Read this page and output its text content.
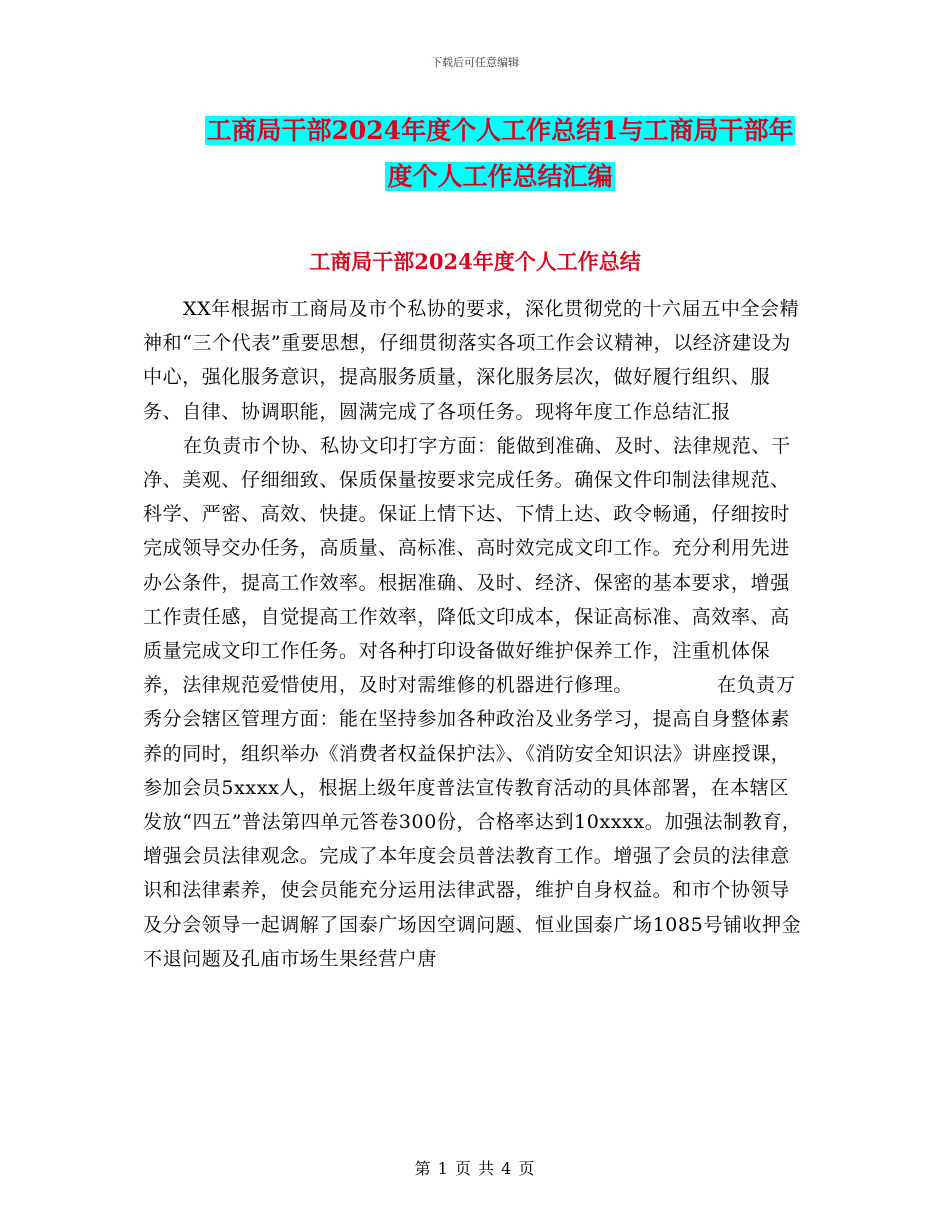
下载后可任意编辑
工商局干部2024年度个人工作总结1与工商局干部年
度个人工作总结汇编
工商局干部2024年度个人工作总结

XX年根据市工商局及市个私协的要求，深化贯彻党的十六届五中全会精神和“三个代表”重要思想，仔细贯彻落实各项工作会议精神，以经济建设为中心，强化服务意识，提高服务质量，深化服务层次，做好履行组织、服务、自律、协调职能，圆满完成了各项任务。现将年度工作总结汇报

在负责市个协、私协文印打字方面：能做到准确、及时、法律规范、干净、美观、仔细细致、保质保量按要求完成任务。确保文件印制法律规范、科学、严密、高效、快捷。保证上情下达、下情上达、政令畅通，仔细按时完成领导交办任务，高质量、高标准、高时效完成文印工作。充分利用先进办公条件，提高工作效率。根据准确、及时、经济、保密的基本要求，增强工作责任感，自觉提高工作效率，降低文印成本，保证高标准、高效率、高质量完成文印工作任务。对各种打印设备做好维护保养工作，注重机体保养，法律规范爱惜使用，及时对需维修的机器进行修理。	在负责万秀分会辖区管理方面：能在坚持参加各种政治及业务学习，提高自身整体素养的同时，组织举办《消费者权益保护法》、《消防安全知识法》讲座授课，参加会员5xxxx人，根据上级年度普法宣传教育活动的具体部署，在本辖区发放“四五”普法第四单元答卷300份，合格率达到10xxxx。加强法制教育，增强会员法律观念。完成了本年度会员普法教育工作。增强了会员的法律意识和法律素养，使会员能充分运用法律武器，维护自身权益。和市个协领导及分会领导一起调解了国泰广场因空调问题、恒业国泰广场1085号铺收押金不退问题及孔庙市场生果经营户唐

第 1 页 共 4 页
